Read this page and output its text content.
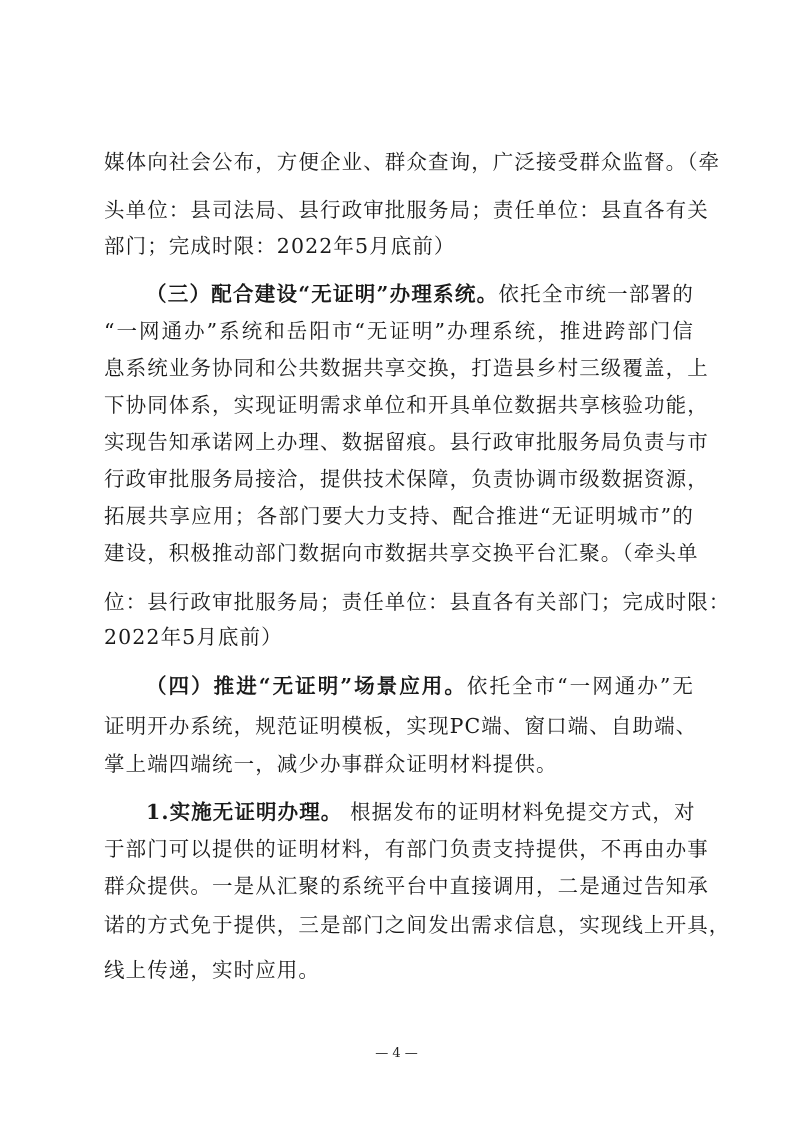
媒体向社会公布，方便企业、群众查询，广泛接受群众监督。（牵
头单位：县司法局、县行政审批服务局；责任单位：县直各有关
部门；完成时限：2022年5月底前）
（三）配合建设“无证明”办理系统。依托全市统一部署的
“一网通办”系统和岳阳市“无证明”办理系统，推进跨部门信
息系统业务协同和公共数据共享交换，打造县乡村三级覆盖，上
下协同体系，实现证明需求单位和开具单位数据共享核验功能，
实现告知承诺网上办理、数据留痕。县行政审批服务局负责与市
行政审批服务局接洽，提供技术保障，负责协调市级数据资源，
拓展共享应用；各部门要大力支持、配合推进“无证明城市”的
建设，积极推动部门数据向市数据共享交换平台汇聚。（牵头单
位：县行政审批服务局；责任单位：县直各有关部门；完成时限：
2022年5月底前）
（四）推进“无证明”场景应用。依托全市“一网通办”无
证明开办系统，规范证明模板，实现PC端、窗口端、自助端、
掌上端四端统一，减少办事群众证明材料提供。
1.实施无证明办理。 根据发布的证明材料免提交方式，对
于部门可以提供的证明材料，有部门负责支持提供，不再由办事
群众提供。一是从汇聚的系统平台中直接调用，二是通过告知承
诺的方式免于提供，三是部门之间发出需求信息，实现线上开具，
线上传递，实时应用。
— 4 —
